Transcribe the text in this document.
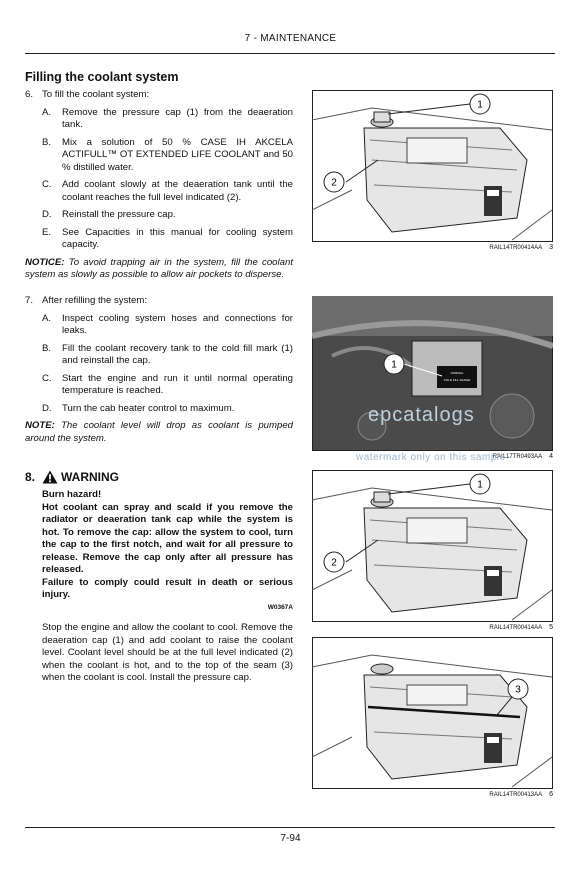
7 - MAINTENANCE
Filling the coolant system
6. To fill the coolant system:
A.	Remove the pressure cap (1) from the deaeration tank.
B.	Mix a solution of 50 % CASE IH AKCELA ACTIFULL™ OT EXTENDED LIFE COOLANT and 50 % distilled water.
C.	Add coolant slowly at the deaeration tank until the coolant reaches the full level indicated (2).
D.	Reinstall the pressure cap.
E.	See Capacities in this manual for cooling system capacity.
NOTICE: To avoid trapping air in the system, fill the coolant system as slowly as possible to allow air pockets to disperse.
7. After refilling the system:
A.	Inspect cooling system hoses and connections for leaks.
B.	Fill the coolant recovery tank to the cold fill mark (1) and reinstall the cap.
C.	Start the engine and run it until normal operating temperature is reached.
D.	Turn the cab heater control to maximum.
NOTE: The coolant level will drop as coolant is pumped around the system.
8.	WARNING
Burn hazard!
Hot coolant can spray and scald if you remove the radiator or deaeration tank cap while the system is hot. To remove the cap: allow the system to cool, turn the cap to the first notch, and wait for all pressure to release. Remove the cap only after all pressure has released.
Failure to comply could result in death or serious injury.
W0367A
Stop the engine and allow the coolant to cool. Remove the deaeration cap (1) and add coolant to raise the coolant level. Coolant level should be at the full level indicated (2) when the coolant is hot, and to the top of the seam (3) when the coolant is cool. Install the pressure cap.
1
2
RAIL14TR00414AA 3
NORMAL
COLD FILL RANGE
1
RAIL17TR0493AA 4
1
2
RAIL14TR00414AA 5
3
RAIL14TR00413AA 6
epcatalogs
watermark only on this sample
7-94
